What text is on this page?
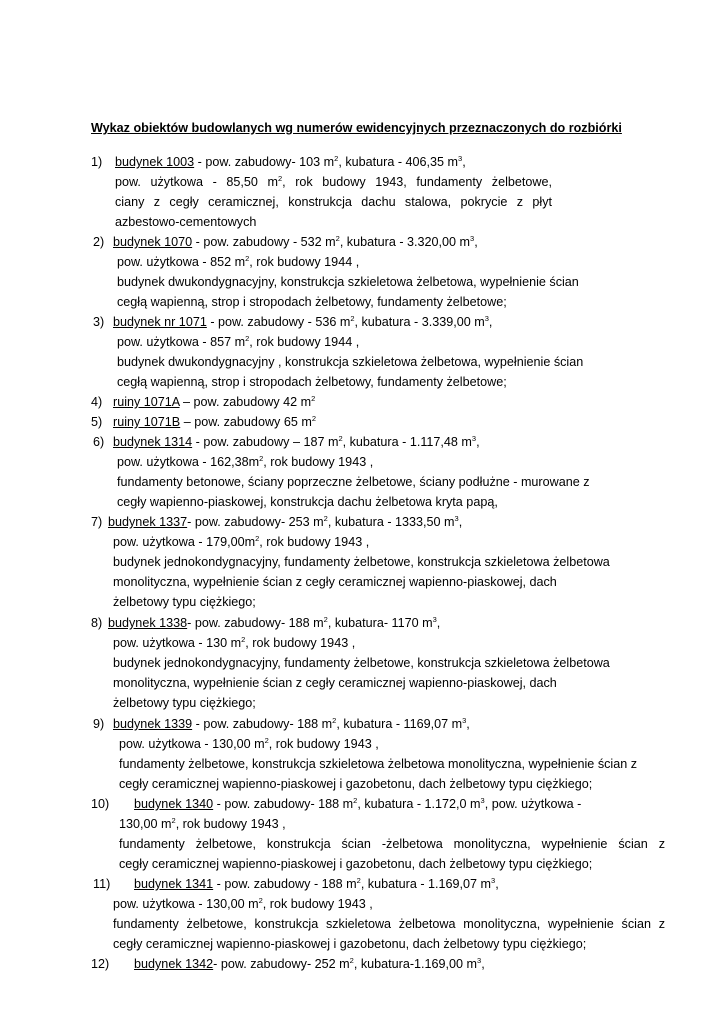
Wykaz obiektów budowlanych wg numerów ewidencyjnych przeznaczonych do rozbiórki

1) budynek 1003 - pow. zabudowy- 103 $m^2$, kubatura - 406,35 $m^3$,
pow. użytkowa - 85,50 $m^2$, rok budowy 1943, fundamenty żelbetowe,
ciany z cegły ceramicznej, konstrukcja dachu stalowa, pokrycie z płyt
azbestowo-cementowych
2) budynek 1070 - pow. zabudowy - 532 $m^2$, kubatura - 3.320,00 $m^3$,
pow. użytkowa - 852 $m^2$, rok budowy 1944 ,
budynek dwukondygnacyjny, konstrukcja szkieletowa żelbetowa, wypełnienie ścian
cegłą wapienną, strop i stropodach żelbetowy, fundamenty żelbetowe;
3) budynek nr 1071 - pow. zabudowy - 536 $m^2$, kubatura - 3.339,00 $m^3$,
pow. użytkowa - 857 $m^2$, rok budowy 1944 ,
budynek dwukondygnacyjny , konstrukcja szkieletowa żelbetowa, wypełnienie ścian
cegłą wapienną, strop i stropodach żelbetowy, fundamenty żelbetowe;
4) ruiny 1071A – pow. zabudowy 42 $m^2$
5) ruiny 1071B – pow. zabudowy 65 $m^2$
6) budynek 1314 - pow. zabudowy – 187 $m^2$, kubatura - 1.117,48 $m^3$,
pow. użytkowa - $162,38m^2$, rok budowy 1943 ,
fundamenty betonowe, ściany poprzeczne żelbetowe, ściany podłużne - murowane z
cegły wapienno-piaskowej, konstrukcja dachu żelbetowa kryta papą,
7) budynek 1337- pow. zabudowy- 253 $m^2$, kubatura - 1333,50 $m^3$,
pow. użytkowa - $179,00m^2$, rok budowy 1943 ,
budynek jednokondygnacyjny, fundamenty żelbetowe, konstrukcja szkieletowa żelbetowa
monolityczna, wypełnienie ścian z cegły ceramicznej wapienno-piaskowej, dach
żelbetowy typu ciężkiego;
8) budynek 1338- pow. zabudowy- 188 $m^2$, kubatura- 1170 $m^3$,
pow. użytkowa - 130 $m^2$, rok budowy 1943 ,
budynek jednokondygnacyjny, fundamenty żelbetowe, konstrukcja szkieletowa żelbetowa
monolityczna, wypełnienie ścian z cegły ceramicznej wapienno-piaskowej, dach
żelbetowy typu ciężkiego;
9) budynek 1339 - pow. zabudowy- 188 $m^2$, kubatura - 1169,07 $m^3$,
pow. użytkowa - 130,00 $m^2$, rok budowy 1943 ,
fundamenty żelbetowe, konstrukcja szkieletowa żelbetowa monolityczna, wypełnienie ścian z
cegły ceramicznej wapienno-piaskowej i gazobetonu, dach żelbetowy typu ciężkiego;
10) budynek 1340 - pow. zabudowy- 188 $m^2$, kubatura - 1.172,0 $m^3$, pow. użytkowa -
130,00 $m^2$, rok budowy 1943 ,
fundamenty żelbetowe, konstrukcja ścian -żelbetowa monolityczna, wypełnienie ścian z
cegły ceramicznej wapienno-piaskowej i gazobetonu, dach żelbetowy typu ciężkiego;
11) budynek 1341 - pow. zabudowy - 188 $m^2$, kubatura - 1.169,07 $m^3$,
pow. użytkowa - 130,00 $m^2$, rok budowy 1943 ,
fundamenty żelbetowe, konstrukcja szkieletowa żelbetowa monolityczna, wypełnienie ścian z
cegły ceramicznej wapienno-piaskowej i gazobetonu, dach żelbetowy typu ciężkiego;
12) budynek 1342- pow. zabudowy- 252 $m^2$, kubatura-1.169,00 $m^3$,
